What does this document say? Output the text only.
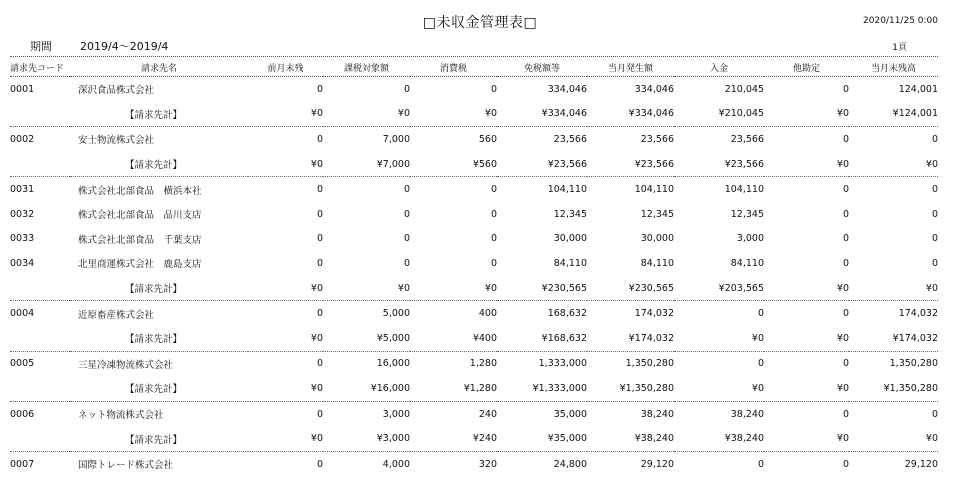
□未収金管理表□	2020/11/25 0:00
期間	2019/4～2019/4	1頁
請求先コード	請求先名	前月末残	課税対象額	消費税	免税額等	当月発生額	入金	他勘定	当月末残高
0001	深沢食品株式会社	0	0	0	334,046	334,046	210,045	0	124,001
	【請求先計】	¥0	¥0	¥0	¥334,046	¥334,046	¥210,045	¥0	¥124,001
0002	安士物流株式会社	0	7,000	560	23,566	23,566	23,566	0	0
	【請求先計】	¥0	¥7,000	¥560	¥23,566	¥23,566	¥23,566	¥0	¥0
0031	株式会社北部食品　横浜本社	0	0	0	104,110	104,110	104,110	0	0
0032	株式会社北部食品　品川支店	0	0	0	12,345	12,345	12,345	0	0
0033	株式会社北部食品　千葉支店	0	0	0	30,000	30,000	3,000	0	0
0034	北里商運株式会社　鹿島支店	0	0	0	84,110	84,110	84,110	0	0
	【請求先計】	¥0	¥0	¥0	¥230,565	¥230,565	¥203,565	¥0	¥0
0004	近原畜産株式会社	0	5,000	400	168,632	174,032	0	0	174,032
	【請求先計】	¥0	¥5,000	¥400	¥168,632	¥174,032	¥0	¥0	¥174,032
0005	三星冷凍物流株式会社	0	16,000	1,280	1,333,000	1,350,280	0	0	1,350,280
	【請求先計】	¥0	¥16,000	¥1,280	¥1,333,000	¥1,350,280	¥0	¥0	¥1,350,280
0006	ネット物流株式会社	0	3,000	240	35,000	38,240	38,240	0	0
	【請求先計】	¥0	¥3,000	¥240	¥35,000	¥38,240	¥38,240	¥0	¥0
0007	国際トレード株式会社	0	4,000	320	24,800	29,120	0	0	29,120
